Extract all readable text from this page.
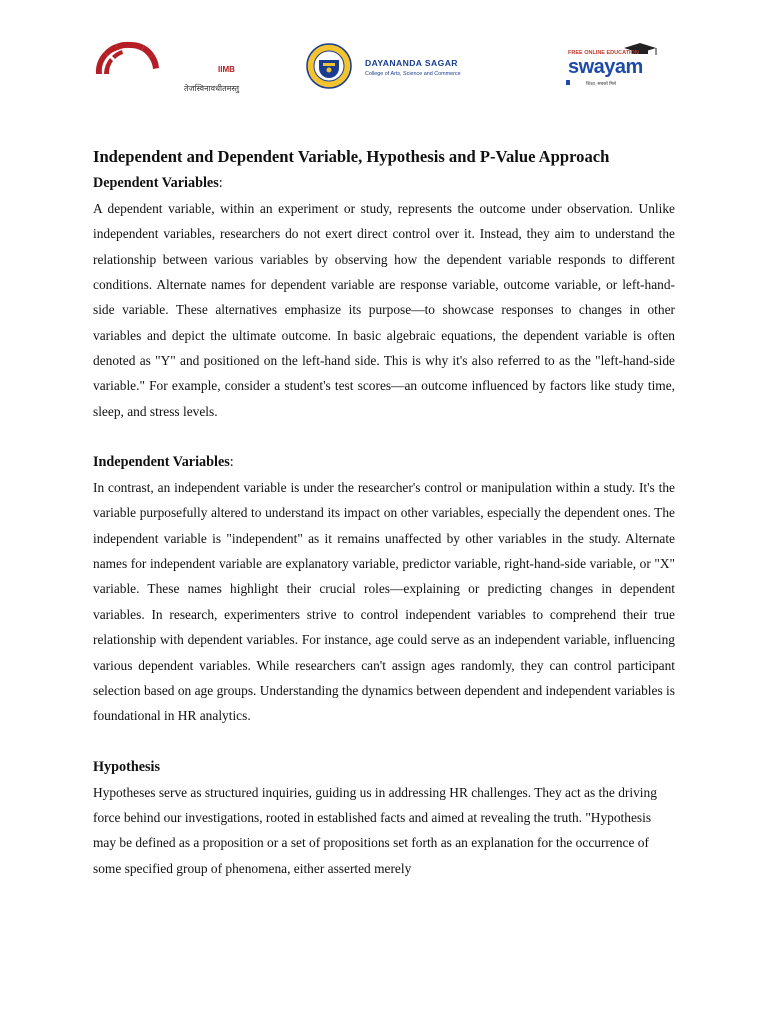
IIMB
तेजस्विनावधीतमस्तु
DAYANANDA SAGAR
College of Arts, Science and Commerce
FREE ONLINE EDUCATION
swayam
शिक्षा, सबको मिले
Independent and Dependent Variable, Hypothesis and P-Value Approach
Dependent Variables:

A dependent variable, within an experiment or study, represents the outcome under observation. Unlike independent variables, researchers do not exert direct control over it. Instead, they aim to understand the relationship between various variables by observing how the dependent variable responds to different conditions. Alternate names for dependent variable are response variable, outcome variable, or left-hand-side variable. These alternatives emphasize its purpose—to showcase responses to changes in other variables and depict the ultimate outcome. In basic algebraic equations, the dependent variable is often denoted as "Y" and positioned on the left-hand side. This is why it's also referred to as the "left-hand-side variable." For example, consider a student's test scores—an outcome influenced by factors like study time, sleep, and stress levels.

Independent Variables:

In contrast, an independent variable is under the researcher's control or manipulation within a study. It's the variable purposefully altered to understand its impact on other variables, especially the dependent ones. The independent variable is "independent" as it remains unaffected by other variables in the study. Alternate names for independent variable are explanatory variable, predictor variable, right-hand-side variable, or "X" variable. These names highlight their crucial roles—explaining or predicting changes in dependent variables. In research, experimenters strive to control independent variables to comprehend their true relationship with dependent variables. For instance, age could serve as an independent variable, influencing various dependent variables. While researchers can't assign ages randomly, they can control participant selection based on age groups. Understanding the dynamics between dependent and independent variables is foundational in HR analytics.

Hypothesis

Hypotheses serve as structured inquiries, guiding us in addressing HR challenges. They act as the driving force behind our investigations, rooted in established facts and aimed at revealing the truth. "Hypothesis may be defined as a proposition or a set of propositions set forth as an explanation for the occurrence of some specified group of phenomena, either asserted merely
